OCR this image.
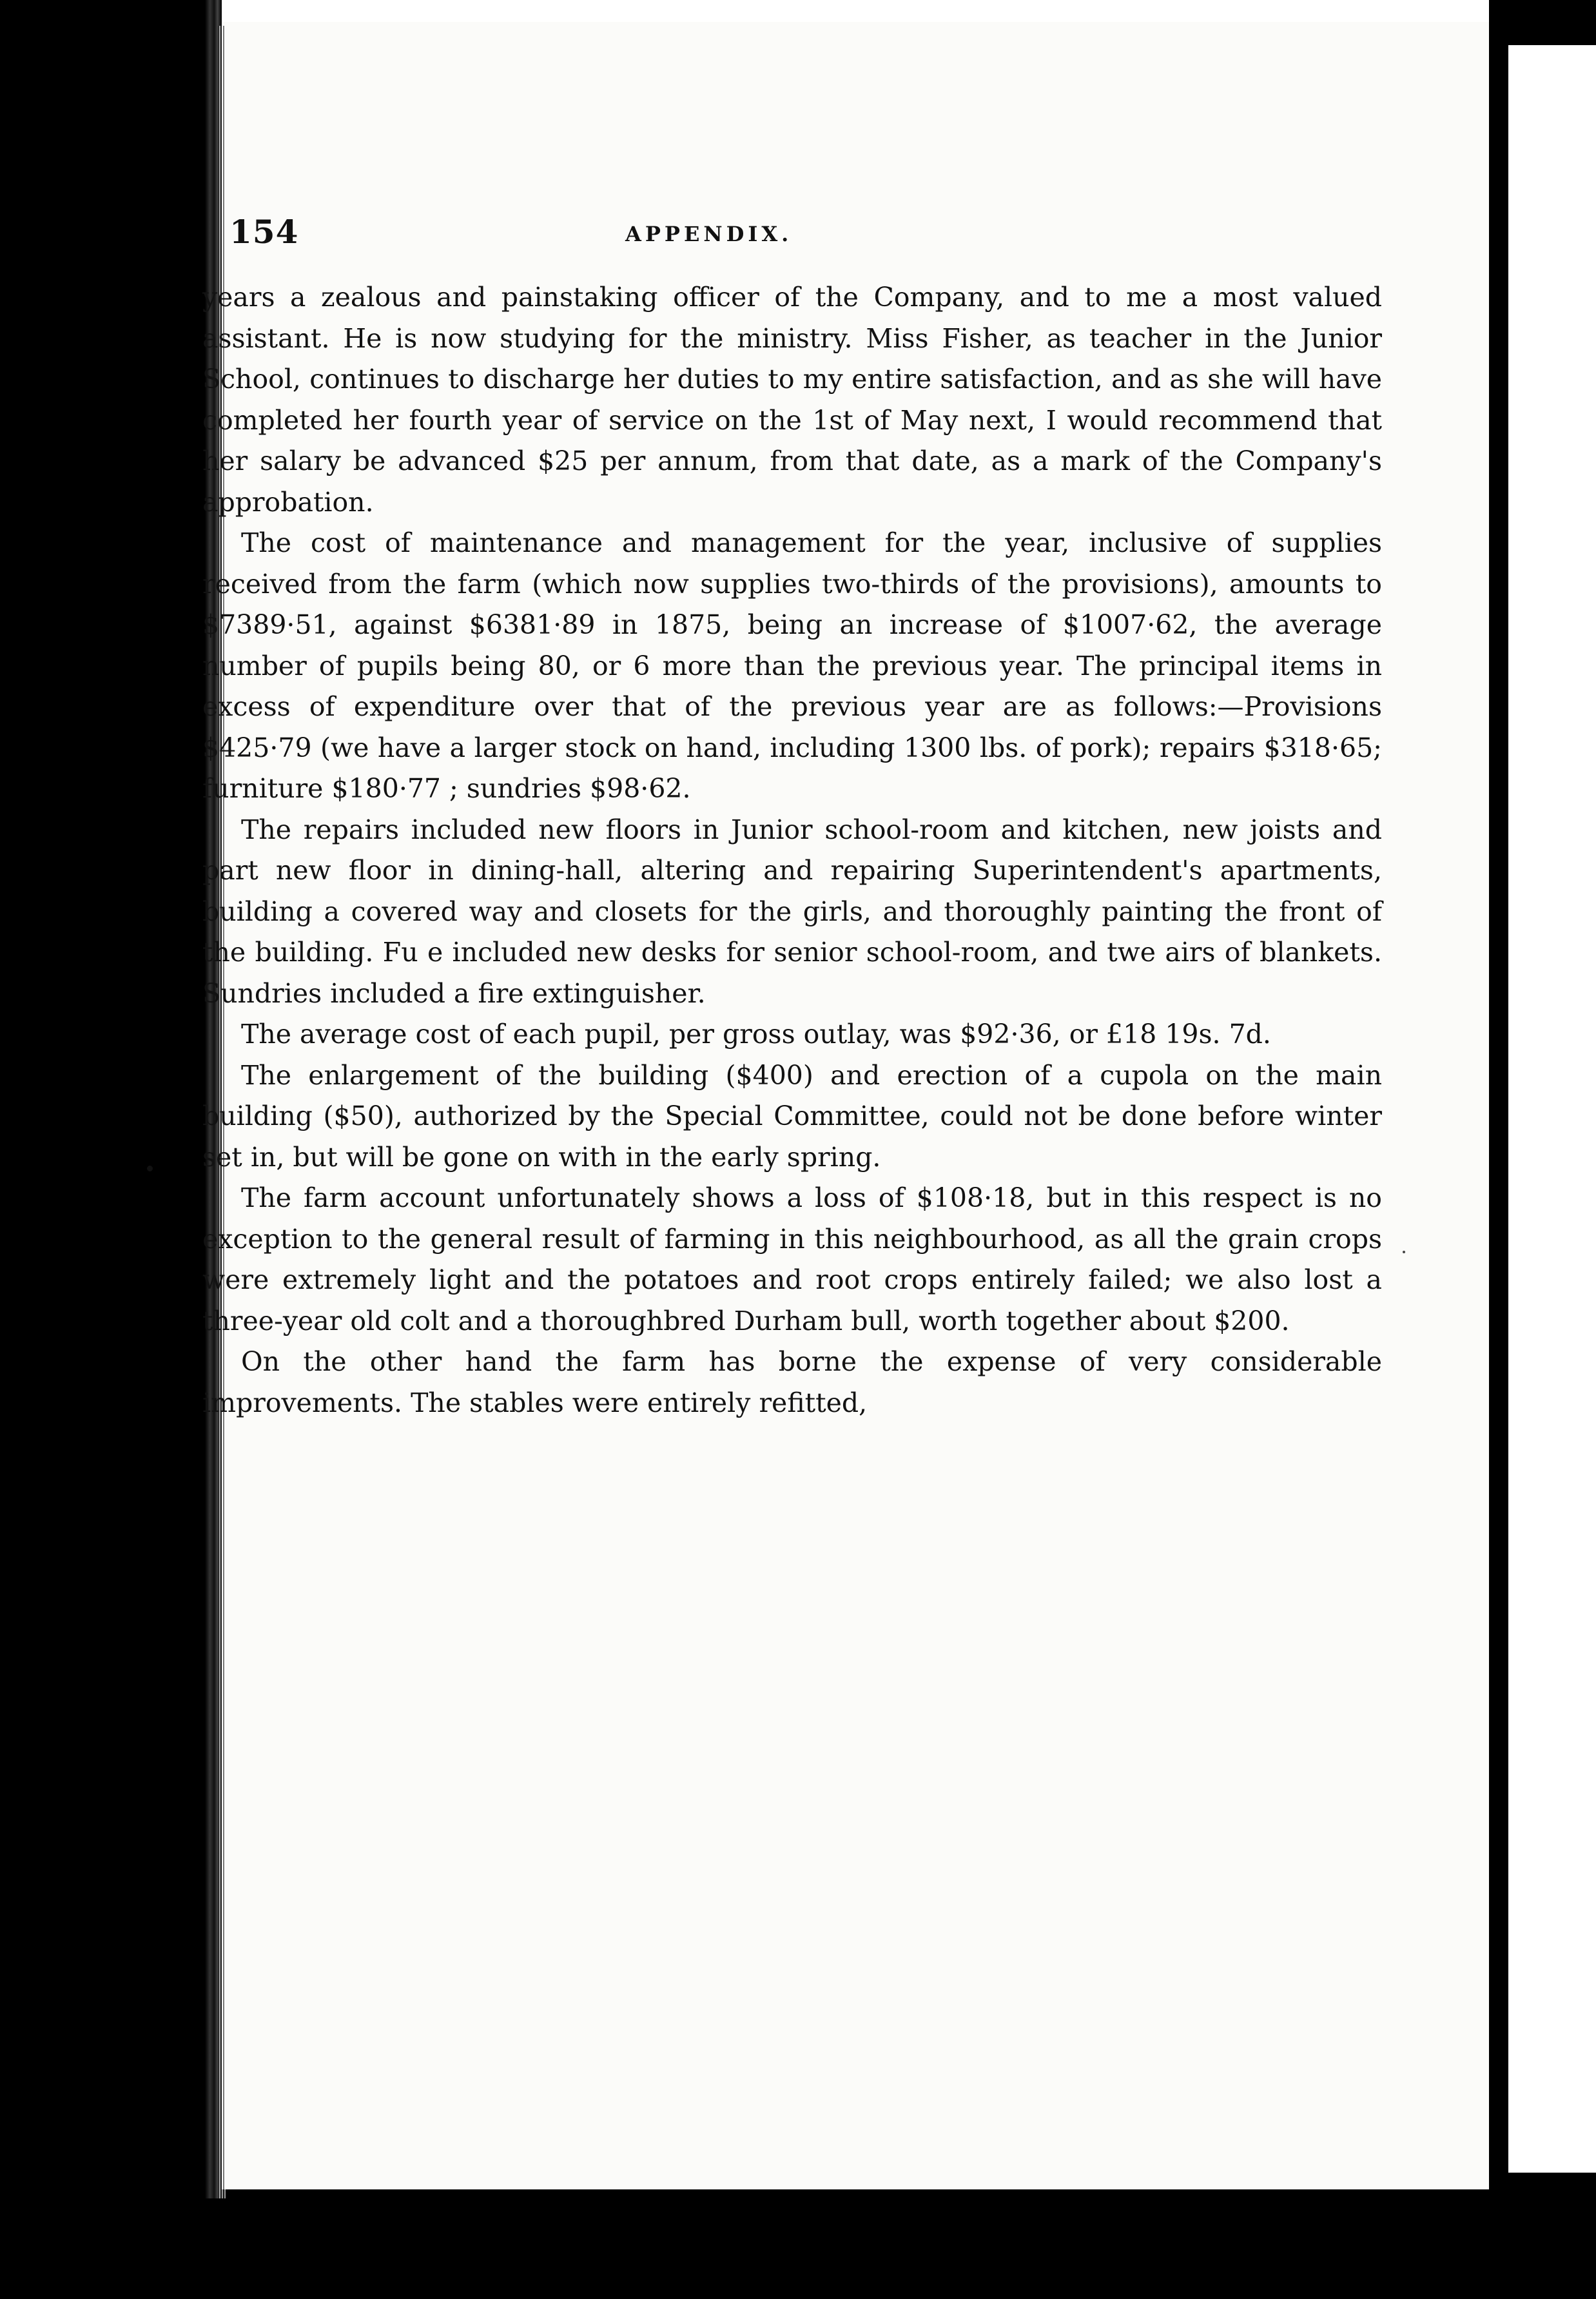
154	APPENDIX.

years a zealous and painstaking officer of the Company, and to me a most valued assistant. He is now studying for the ministry. Miss Fisher, as teacher in the Junior School, continues to discharge her duties to my entire satisfaction, and as she will have completed her fourth year of service on the 1st of May next, I would recommend that her salary be advanced $25 per annum, from that date, as a mark of the Company's approbation.

The cost of maintenance and management for the year, inclusive of supplies received from the farm (which now supplies two-thirds of the provisions), amounts to $7389·51, against $6381·89 in 1875, being an increase of $1007·62, the average number of pupils being 80, or 6 more than the previous year. The principal items in excess of expenditure over that of the previous year are as follows:—Provisions $425·79 (we have a larger stock on hand, including 1300 lbs. of pork); repairs $318·65; furniture $180·77 ; sundries $98·62.

The repairs included new floors in Junior school-room and kitchen, new joists and part new floor in dining-hall, altering and repairing Superintendent's apartments, building a covered way and closets for the girls, and thoroughly painting the front of the building. Fu e included new desks for senior school-room, and twe airs of blankets. Sundries included a fire extinguisher.

The average cost of each pupil, per gross outlay, was $92·36, or £18 19s. 7d.

The enlargement of the building ($400) and erection of a cupola on the main building ($50), authorized by the Special Committee, could not be done before winter set in, but will be gone on with in the early spring.

The farm account unfortunately shows a loss of $108·18, but in this respect is no exception to the general result of farming in this neighbourhood, as all the grain crops were extremely light and the potatoes and root crops entirely failed; we also lost a three-year old colt and a thoroughbred Durham bull, worth together about $200.

On the other hand the farm has borne the expense of very considerable improvements. The stables were entirely refitted,
